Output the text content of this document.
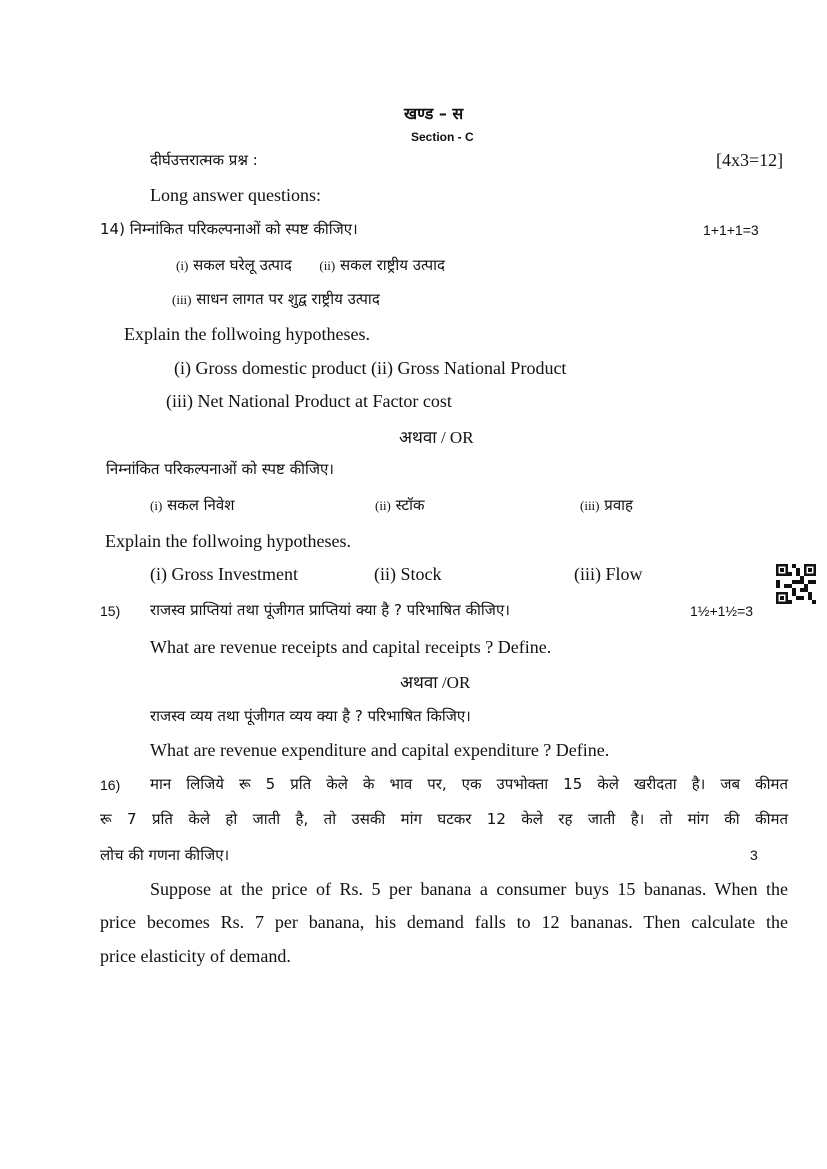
खण्ड – स
Section - C
दीर्घउत्तरात्मक प्रश्न :	[4x3=12]
Long answer questions:
14) निम्नांकित परिकल्पनाओं को स्पष्ट कीजिए।	1+1+1=3
(i) सकल घरेलू उत्पाद (ii) सकल राष्ट्रीय उत्पाद
(iii) साधन लागत पर शुद्व राष्ट्रीय उत्पाद
Explain the follwoing hypotheses.
(i) Gross domestic product (ii) Gross National Product
(iii) Net National Product at Factor cost
अथवा / OR
निम्नांकित परिकल्पनाओं को स्पष्ट कीजिए।
(i) सकल निवेश	(ii) स्टॉक	(iii) प्रवाह
Explain the follwoing hypotheses.
(i) Gross Investment	(ii) Stock	(iii) Flow
15) राजस्व प्राप्तियां तथा पूंजीगत प्राप्तियां क्या है ? परिभाषित कीजिए।	1½+1½=3
What are revenue receipts and capital receipts ? Define.
अथवा /OR
राजस्व व्यय तथा पूंजीगत व्यय क्या है ? परिभाषित किजिए।
What are revenue expenditure and capital expenditure ? Define.
16) मान लिजिये रू 5 प्रति केले के भाव पर, एक उपभोक्ता 15 केले खरीदता है। जब कीमत
रू 7 प्रति केले हो जाती है, तो उसकी मांग घटकर 12 केले रह जाती है। तो मांग की कीमत
लोच की गणना कीजिए।	3
Suppose at the price of Rs. 5 per banana a consumer buys 15 bananas. When the
price becomes Rs. 7 per banana, his demand falls to 12 bananas. Then calculate the
price elasticity of demand.
